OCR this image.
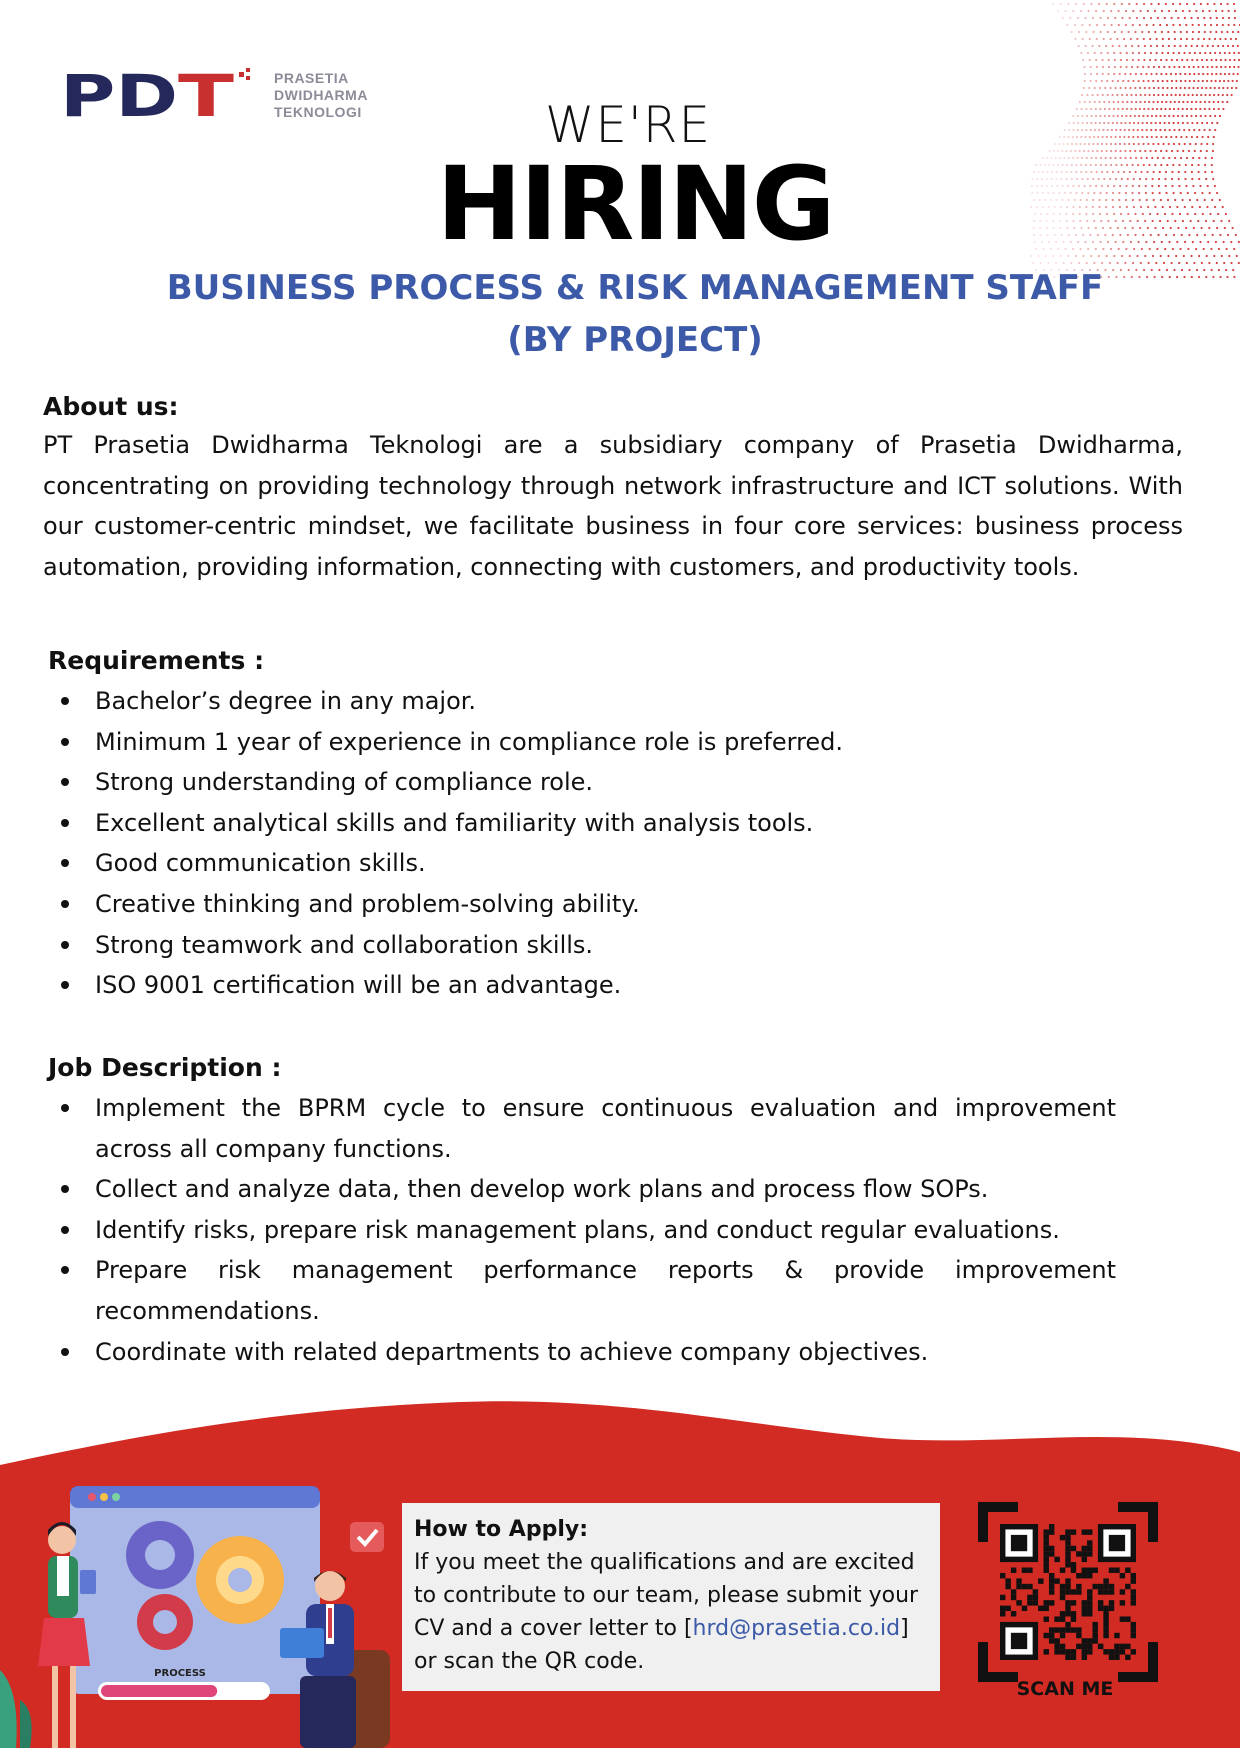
PD T	PRASETIA
DWIDHARMA
TEKNOLOGI	WE'RE
HIRING
BUSINESS PROCESS & RISK MANAGEMENT STAFF
(BY PROJECT)
About us:

PT Prasetia Dwidharma Teknologi are a subsidiary company of Prasetia Dwidharma, concentrating on providing technology through network infrastructure and ICT solutions. With our customer-centric mindset, we facilitate business in four core services: business process automation, providing information, connecting with customers, and productivity tools.

Requirements :
Bachelor’s degree in any major.
Minimum 1 year of experience in compliance role is preferred.
Strong understanding of compliance role.
Excellent analytical skills and familiarity with analysis tools.
Good communication skills.
Creative thinking and problem-solving ability.
Strong teamwork and collaboration skills.
ISO 9001 certification will be an advantage.
Job Description :
Implement the BPRM cycle to ensure continuous evaluation and improvement across all company functions.
Collect and analyze data, then develop work plans and process flow SOPs.
Identify risks, prepare risk management plans, and conduct regular evaluations.
Prepare risk management performance reports & provide improvement recommendations.
Coordinate with related departments to achieve company objectives.
PROCESS
How to Apply:
If you meet the qualifications and are excited to contribute to our team, please submit your CV and a cover letter to [hrd@prasetia.co.id] or scan the QR code.
SCAN ME
